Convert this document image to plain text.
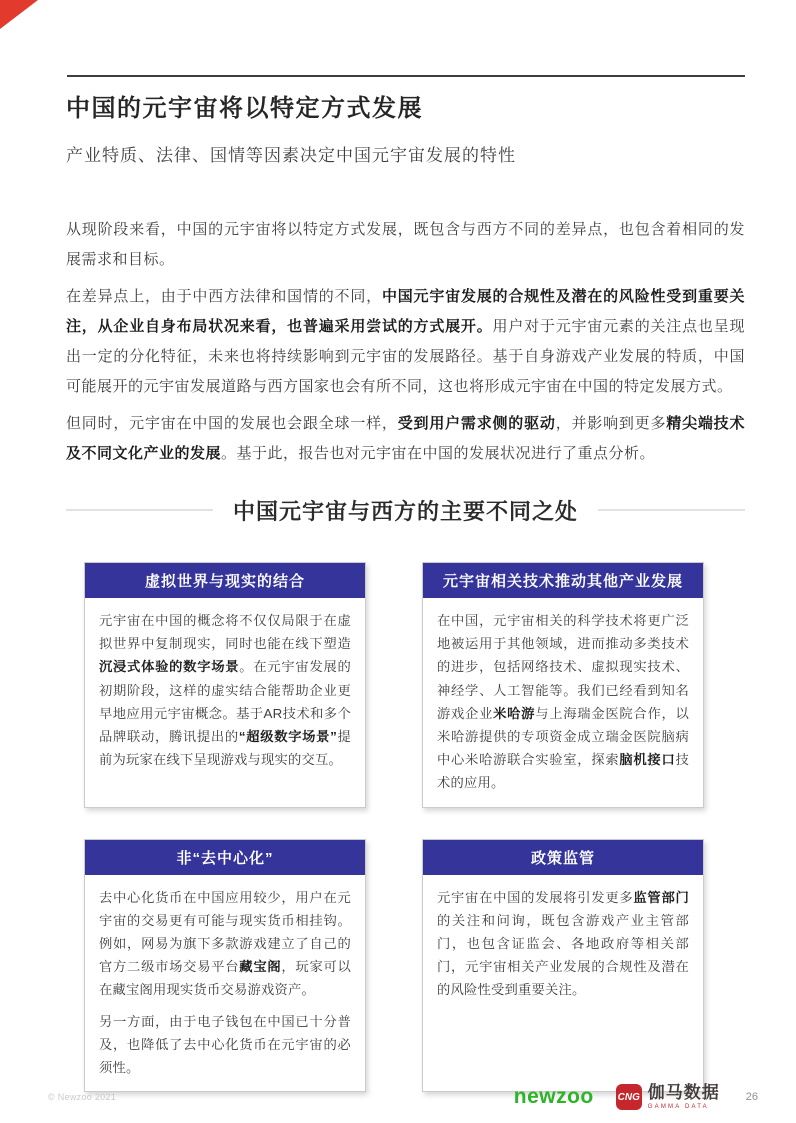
中国的元宇宙将以特定方式发展
产业特质、法律、国情等因素决定中国元宇宙发展的特性

从现阶段来看，中国的元宇宙将以特定方式发展，既包含与西方不同的差异点，也包含着相同的发展需求和目标。

在差异点上，由于中西方法律和国情的不同，中国元宇宙发展的合规性及潜在的风险性受到重要关注，从企业自身布局状况来看，也普遍采用尝试的方式展开。用户对于元宇宙元素的关注点也呈现出一定的分化特征，未来也将持续影响到元宇宙的发展路径。基于自身游戏产业发展的特质，中国可能展开的元宇宙发展道路与西方国家也会有所不同，这也将形成元宇宙在中国的特定发展方式。

但同时，元宇宙在中国的发展也会跟全球一样，受到用户需求侧的驱动，并影响到更多精尖端技术及不同文化产业的发展。基于此，报告也对元宇宙在中国的发展状况进行了重点分析。

中国元宇宙与西方的主要不同之处
虚拟世界与现实的结合

元宇宙在中国的概念将不仅仅局限于在虚拟世界中复制现实，同时也能在线下塑造沉浸式体验的数字场景。在元宇宙发展的初期阶段，这样的虚实结合能帮助企业更早地应用元宇宙概念。基于AR技术和多个品牌联动，腾讯提出的“超级数字场景”提前为玩家在线下呈现游戏与现实的交互。

元宇宙相关技术推动其他产业发展

在中国，元宇宙相关的科学技术将更广泛地被运用于其他领域，进而推动多类技术的进步，包括网络技术、虚拟现实技术、神经学、人工智能等。我们已经看到知名游戏企业米哈游与上海瑞金医院合作，以米哈游提供的专项资金成立瑞金医院脑病中心米哈游联合实验室，探索脑机接口技术的应用。

非“去中心化”

去中心化货币在中国应用较少，用户在元宇宙的交易更有可能与现实货币相挂钩。例如，网易为旗下多款游戏建立了自己的官方二级市场交易平台藏宝阁，玩家可以在藏宝阁用现实货币交易游戏资产。

另一方面，由于电子钱包在中国已十分普及，也降低了去中心化货币在元宇宙的必须性。

政策监管

元宇宙在中国的发展将引发更多监管部门的关注和问询，既包含游戏产业主管部门，也包含证监会、各地政府等相关部门，元宇宙相关产业发展的合规性及潜在的风险性受到重要关注。

© Newzoo 2021	newzoo CNG 伽马数据
GAMMA DATA
26
